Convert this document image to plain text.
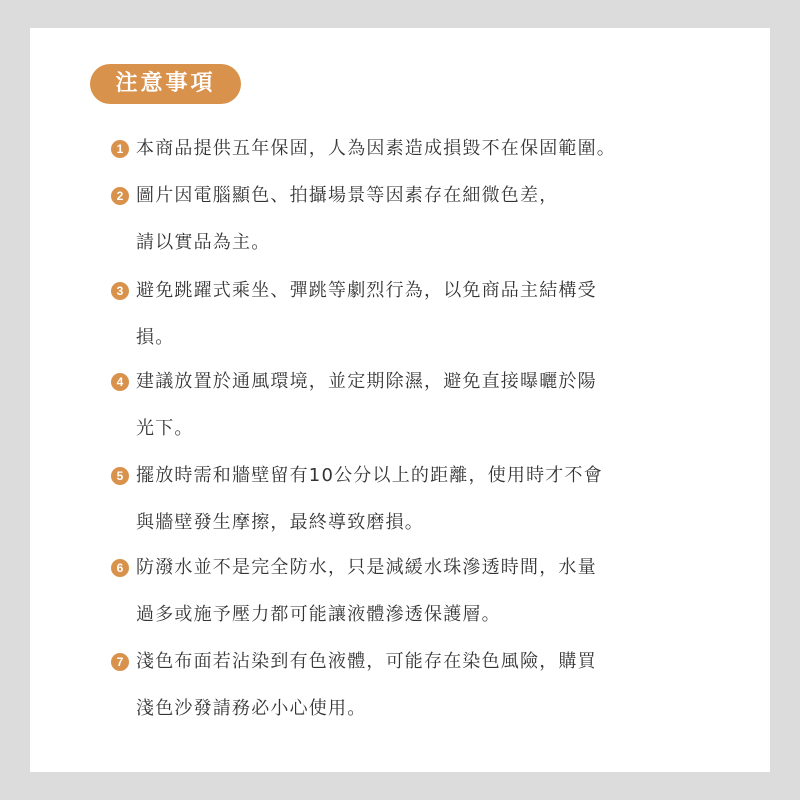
注意事項
1 本商品提供五年保固，人為因素造成損毀不在保固範圍。
2 圖片因電腦顯色、拍攝場景等因素存在細微色差，
請以實品為主。
3 避免跳躍式乘坐、彈跳等劇烈行為，以免商品主結構受
損。
4 建議放置於通風環境，並定期除濕，避免直接曝曬於陽
光下。
5 擺放時需和牆壁留有10公分以上的距離，使用時才不會
與牆壁發生摩擦，最終導致磨損。
6 防潑水並不是完全防水，只是減緩水珠滲透時間，水量
過多或施予壓力都可能讓液體滲透保護層。
7 淺色布面若沾染到有色液體，可能存在染色風險，購買
淺色沙發請務必小心使用。
